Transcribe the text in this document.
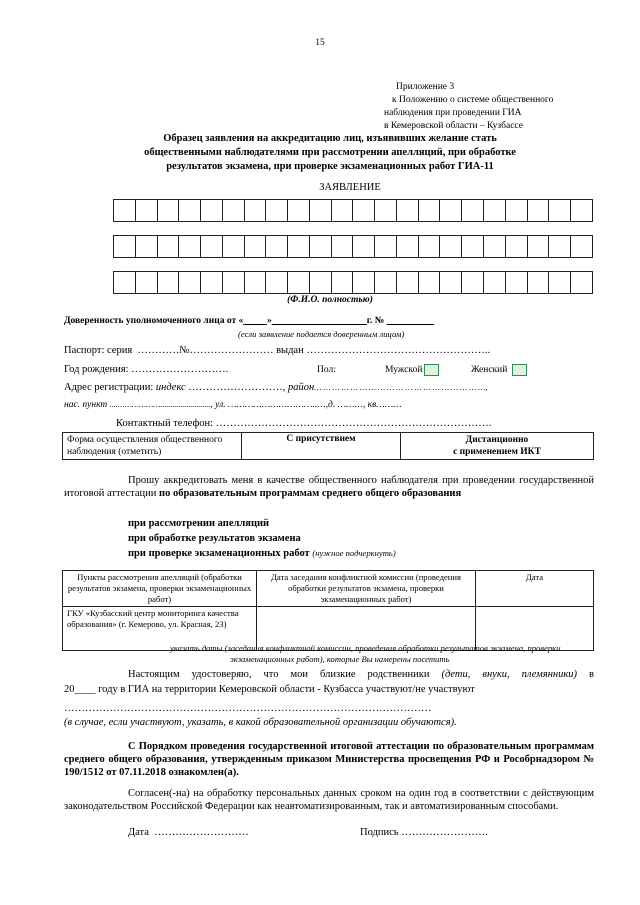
15
Приложение 3
к Положению о системе общественного
наблюдения при проведении ГИА
в Кемеровской области – Кузбассе
Образец заявления на аккредитацию лиц, изъявивших желание стать
общественными наблюдателями при рассмотрении апелляций, при обработке
результатов экзамена, при проверке экзаменационных работ ГИА-11
ЗАЯВЛЕНИЕ
(Ф.И.О. полностью)
Доверенность уполномоченного лица от «	»	г. №
(если заявление подается доверенным лицом)
Паспорт: серия …………№…………………… выдан ……………………………………………..
Год рождения: ……………………….	Пол:	Мужской	Женский
Адрес регистрации: индекс ………………………, район… … … … … … … … … … … … … … … … … … …,
нас. пункт ....………………........................., ул. …………………………..…,д. ………, кв………
Контактный телефон: …………………………………………………………………….
Форма осуществления общественного наблюдения (отметить)	С присутствием	Дистанционно
с применением ИКТ
Прошу аккредитовать меня в качестве общественного наблюдателя при проведении государственной итоговой аттестации по образовательным программам среднего общего образования
при рассмотрении апелляций
при обработке результатов экзамена
при проверке экзаменационных работ (нужное подчеркнуть)
Пункты рассмотрения апелляций (обработки результатов экзамена, проверки экзаменационных работ)	Дата заседания конфликтной комиссии (проведения обработки результатов экзамена, проверки экзаменационных работ)	Дата
ГКУ «Кузбасский центр мониторинга качества образования» (г. Кемерово, ул. Красная, 23)		
указать даты (заседания конфликтной комиссии, проведения обработки результатов экзамена, проверки
экзаменационных работ), которые Вы намерены посетить
Настоящим удостоверяю, что мои близкие родственники (дети, внуки, племянники) в
20____ году в ГИА на территории Кемеровской области - Кузбасса участвуют/не участвуют
……………………………………………………………………………………………
(в случае, если участвуют, указать, в какой образовательной организации обучаются).
С Порядком проведения государственной итоговой аттестации по образовательным программам среднего общего образования, утвержденным приказом Министерства просвещения РФ и Рособрнадзором № 190/1512 от 07.11.2018 ознакомлен(а).
Согласен(-на) на обработку персональных данных сроком на один год в соответствии с действующим законодательством Российской Федерации как неавтоматизированным, так и автоматизированным способами.
Дата ………………………	Подпись …………………….
